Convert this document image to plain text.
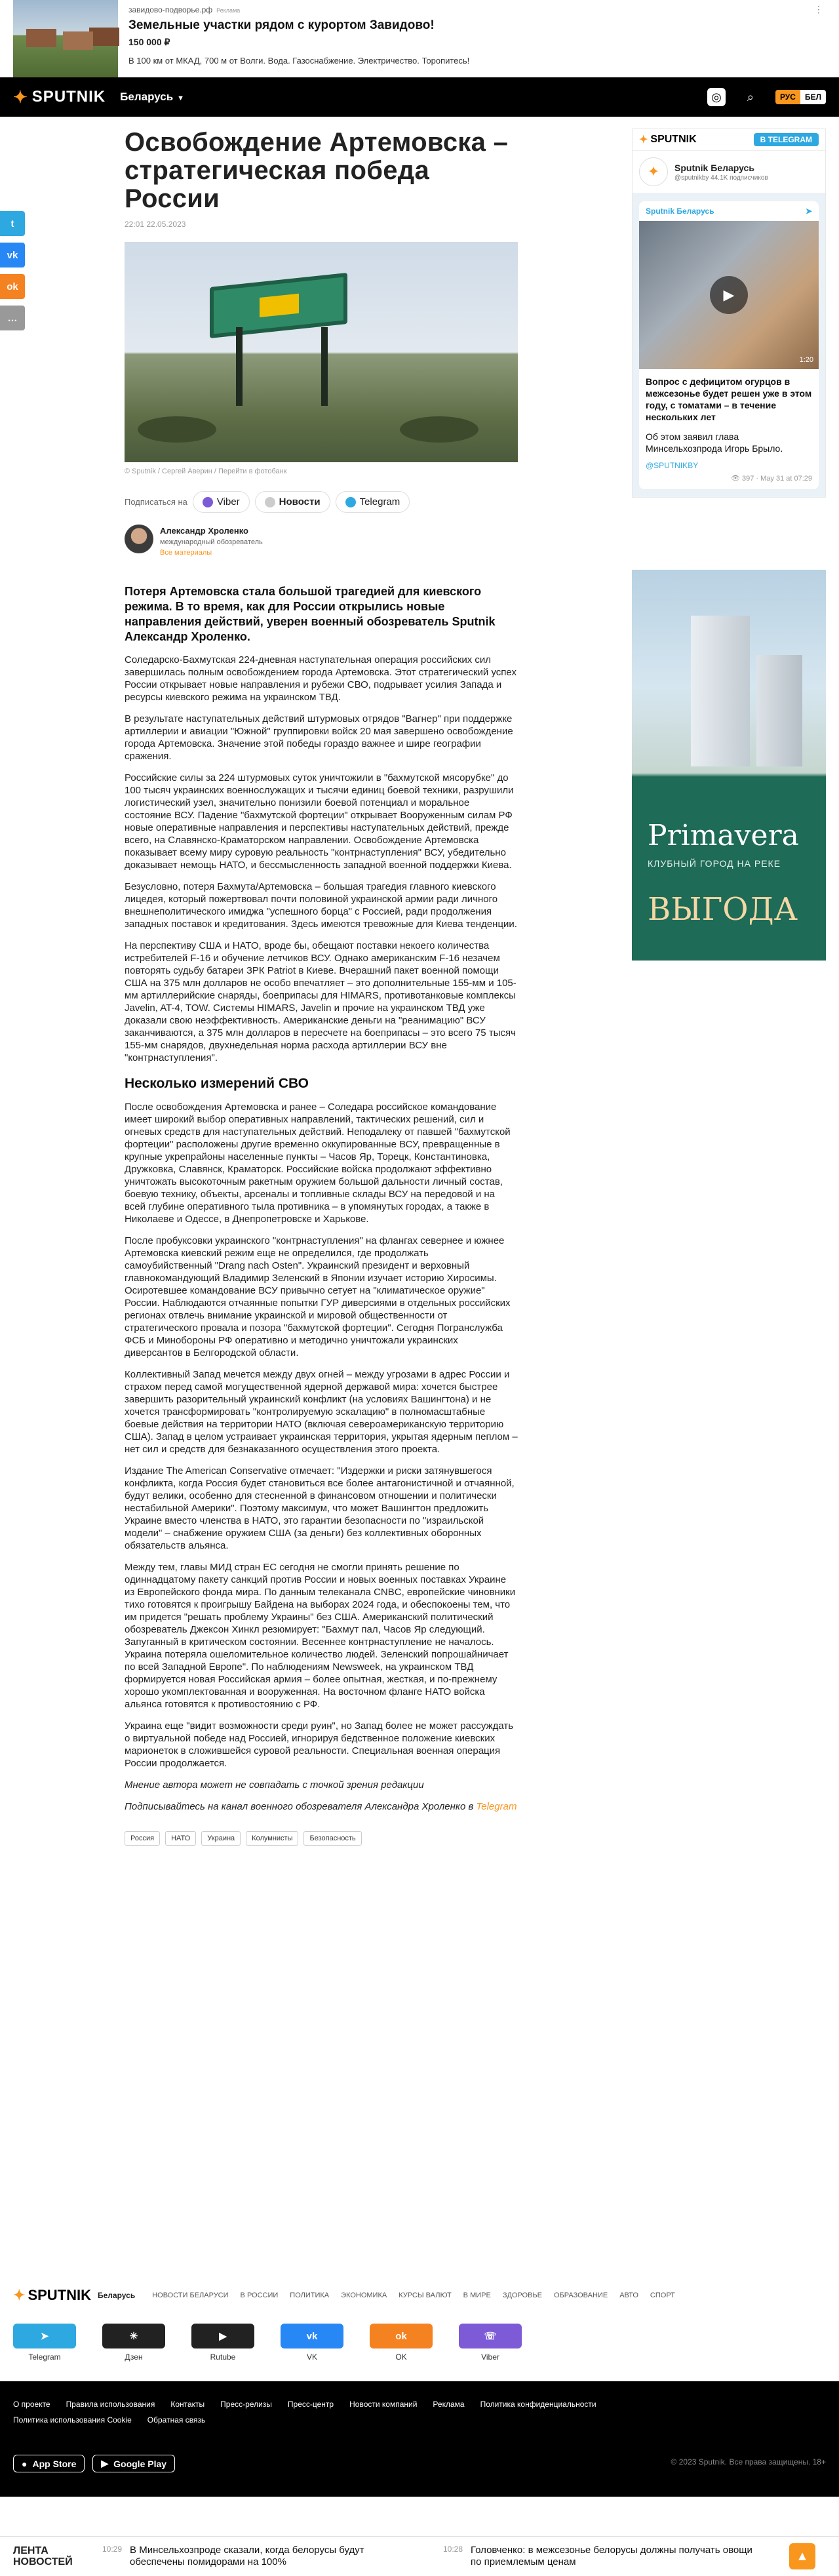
завидово-подворье.рф Реклама
Земельные участки рядом с курортом Завидово!
150 000 ₽
В 100 км от МКАД, 700 м от Волги. Вода. Газоснабжение. Электричество. Торопитесь!
⋮
✦ SPUTNIK Беларусь ▼	◎	⌕	РУС	БЕЛ
t
vk
ok
…
Освобождение Артемовска – стратегическая победа России
22:01 22.05.2023
© Sputnik / Сергей Аверин / Перейти в фотобанк
Подписаться на	Viber	Новости	Telegram
Александр Хроленко
международный обозреватель
Все материалы

Потеря Артемовска стала большой трагедией для киевского режима. В то время, как для России открылись новые направления действий, уверен военный обозреватель Sputnik Александр Хроленко.

Соледарско-Бахмутская 224-дневная наступательная операция российских сил завершилась полным освобождением города Артемовска. Этот стратегический успех России открывает новые направления и рубежи СВО, подрывает усилия Запада и ресурсы киевского режима на украинском ТВД.

В результате наступательных действий штурмовых отрядов "Вагнер" при поддержке артиллерии и авиации "Южной" группировки войск 20 мая завершено освобождение города Артемовска. Значение этой победы гораздо важнее и шире географии сражения.

Российские силы за 224 штурмовых суток уничтожили в "бахмутской мясорубке" до 100 тысяч украинских военнослужащих и тысячи единиц боевой техники, разрушили логистический узел, значительно понизили боевой потенциал и моральное состояние ВСУ. Падение "бахмутской фортеции" открывает Вооруженным силам РФ новые оперативные направления и перспективы наступательных действий, прежде всего, на Славянско-Краматорском направлении. Освобождение Артемовска показывает всему миру суровую реальность "контрнаступления" ВСУ, убедительно доказывает немощь НАТО, и бессмысленность западной военной поддержки Киева.

Безусловно, потеря Бахмута/Артемовска – большая трагедия главного киевского лицедея, который пожертвовал почти половиной украинской армии ради личного внешнеполитического имиджа "успешного борца" с Россией, ради продолжения западных поставок и кредитования. Здесь имеются тревожные для Киева тенденции.

На перспективу США и НАТО, вроде бы, обещают поставки некоего количества истребителей F-16 и обучение летчиков ВСУ. Однако американским F-16 незачем повторять судьбу батареи ЗРК Patriot в Киеве. Вчерашний пакет военной помощи США на 375 млн долларов не особо впечатляет – это дополнительные 155-мм и 105-мм артиллерийские снаряды, боеприпасы для HIMARS, противотанковые комплексы Javelin, AT-4, TOW. Системы HIMARS, Javelin и прочие на украинском ТВД уже доказали свою неэффективность. Американские деньги на "реанимацию" ВСУ заканчиваются, а 375 млн долларов в пересчете на боеприпасы – это всего 75 тысяч 155-мм снарядов, двухнедельная норма расхода артиллерии ВСУ вне "контрнаступления".

Несколько измерений СВО

После освобождения Артемовска и ранее – Соледара российское командование имеет широкий выбор оперативных направлений, тактических решений, сил и огневых средств для наступательных действий. Неподалеку от павшей "бахмутской фортеции" расположены другие временно оккупированные ВСУ, превращенные в крупные укрепрайоны населенные пункты – Часов Яр, Торецк, Константиновка, Дружковка, Славянск, Краматорск. Российские войска продолжают эффективно уничтожать высокоточным ракетным оружием большой дальности личный состав, боевую технику, объекты, арсеналы и топливные склады ВСУ на передовой и на всей глубине оперативного тыла противника – в упомянутых городах, а также в Николаеве и Одессе, в Днепропетровске и Харькове.

После пробуксовки украинского "контрнаступления" на флангах севернее и южнее Артемовска киевский режим еще не определился, где продолжать самоубийственный "Drang nach Osten". Украинский президент и верховный главнокомандующий Владимир Зеленский в Японии изучает историю Хиросимы. Осиротевшее командование ВСУ привычно сетует на "климатическое оружие" России. Наблюдаются отчаянные попытки ГУР диверсиями в отдельных российских регионах отвлечь внимание украинской и мировой общественности от стратегического провала и позора "бахмутской фортеции". Сегодня Погранслужба ФСБ и Минобороны РФ оперативно и методично уничтожали украинских диверсантов в Белгородской области.

Коллективный Запад мечется между двух огней – между угрозами в адрес России и страхом перед самой могущественной ядерной державой мира: хочется быстрее завершить разорительный украинский конфликт (на условиях Вашингтона) и не хочется трансформировать "контролируемую эскалацию" в полномасштабные боевые действия на территории НАТО (включая североамериканскую территорию США). Запад в целом устраивает украинская территория, укрытая ядерным пеплом – нет сил и средств для безнаказанного осуществления этого проекта.

Издание The American Conservative отмечает: "Издержки и риски затянувшегося конфликта, когда Россия будет становиться все более антагонистичной и отчаянной, будут велики, особенно для стесненной в финансовом отношении и политически нестабильной Америки". Поэтому максимум, что может Вашингтон предложить Украине вместо членства в НАТО, это гарантии безопасности по "израильской модели" – снабжение оружием США (за деньги) без коллективных оборонных обязательств альянса.

Между тем, главы МИД стран ЕС сегодня не смогли принять решение по одиннадцатому пакету санкций против России и новых военных поставках Украине из Европейского фонда мира. По данным телеканала CNBC, европейские чиновники тихо готовятся к проигрышу Байдена на выборах 2024 года, и обеспокоены тем, что им придется "решать проблему Украины" без США. Американский политический обозреватель Джексон Хинкл резюмирует: "Бахмут пал, Часов Яр следующий. Запуганный в критическом состоянии. Весеннее контрнаступление не началось. Украина потеряла ошеломительное количество людей. Зеленский попрошайничает по всей Западной Европе". По наблюдениям Newsweek, на украинском ТВД формируется новая Российская армия – более опытная, жесткая, и по-прежнему хорошо укомплектованная и вооруженная. На восточном фланге НАТО войска альянса готовятся к противостоянию с РФ.

Украина еще "видит возможности среди руин", но Запад более не может рассуждать о виртуальной победе над Россией, игнорируя бедственное положение киевских марионеток в сложившейся суровой реальности. Специальная военная операция России продолжается.

Мнение автора может не совпадать с точкой зрения редакции

Подписывайтесь на канал военного обозревателя Александра Хроленко в Telegram

Россия	НАТО	Украина	Колумнисты	Безопасность
✦ SPUTNIK	В TELEGRAM
✦	Sputnik Беларусь
@sputnikby 44.1K подписчиков
Sputnik Беларусь	➤
▶
1:20
Вопрос с дефицитом огурцов в межсезонье будет решен уже в этом году, с томатами – в течение нескольких лет
Об этом заявил глава Минсельхозпрода Игорь Брыло.
@SPUTNIKBY
👁 397 · May 31 at 07:29
Primavera
КЛУБНЫЙ ГОРОД НА РЕКЕ
ВЫГОДА
✦ SPUTNIK Беларусь НОВОСТИ БЕЛАРУСИ В РОССИИ ПОЛИТИКА ЭКОНОМИКА КУРСЫ ВАЛЮТ В МИРЕ ЗДОРОВЬЕ ОБРАЗОВАНИЕ АВТО СПОРТ
➤
Telegram
✳
Дзен
▶
Rutube
vk
VK
ok
OK
☏
Viber
О проекте Правила использования Контакты Пресс-релизы Пресс-центр Новости компаний Реклама Политика конфиденциальности
Политика использования Cookie Обратная связь
● App Store	▶ Google Play	© 2023 Sputnik. Все права защищены. 18+
ЛЕНТА НОВОСТЕЙ
10:29 В Минсельхозпроде сказали, когда белорусы будут обеспечены помидорами на 100%
10:28 Головченко: в межсезонье белорусы должны получать овощи по приемлемым ценам	▲
